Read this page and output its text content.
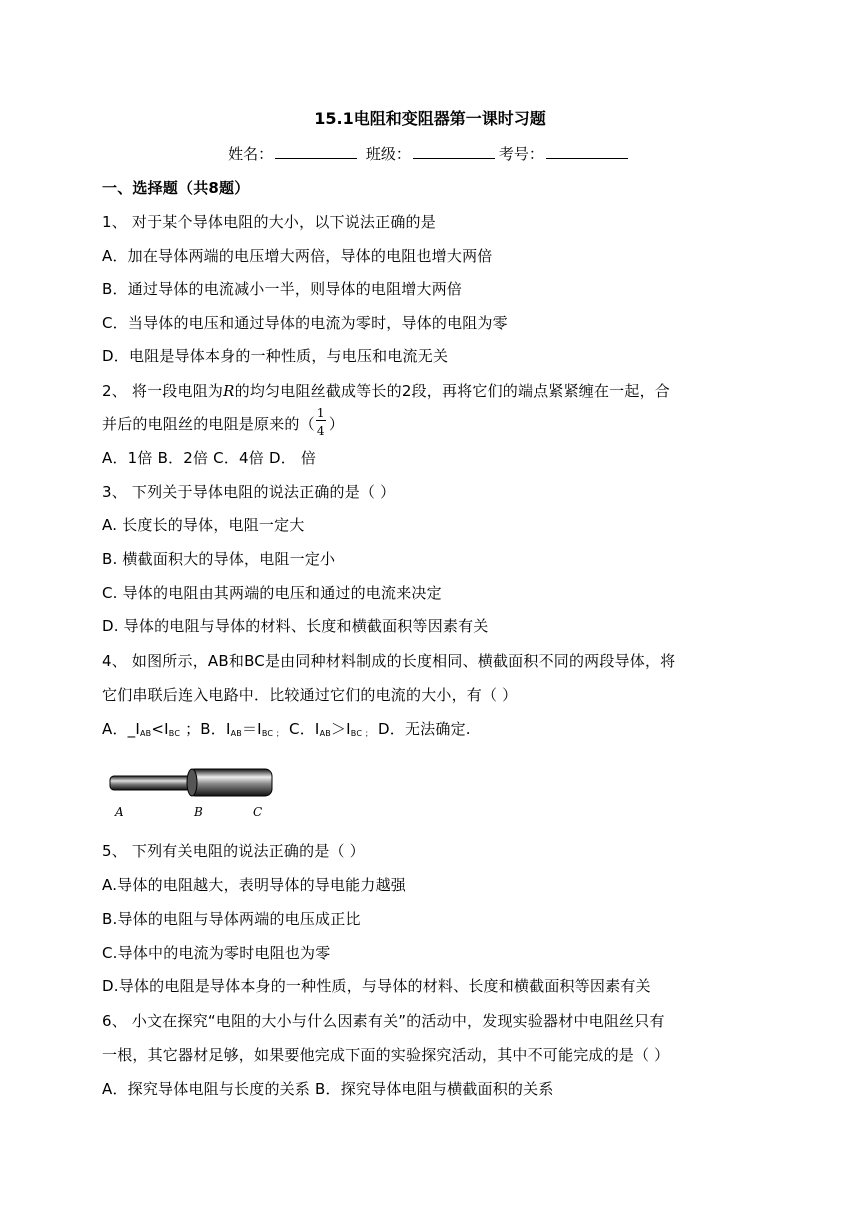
15.1电阻和变阻器第一课时习题
姓名：	班级：	考号：
一、选择题（共8题）
1、 对于某个导体电阻的大小，以下说法正确的是
A．加在导体两端的电压增大两倍，导体的电阻也增大两倍
B．通过导体的电流减小一半，则导体的电阻增大两倍
C．当导体的电压和通过导体的电流为零时，导体的电阻为零
D．电阻是导体本身的一种性质，与电压和电流无关
2、 将一段电阻为R的均匀电阻丝截成等长的2段，再将它们的端点紧紧缠在一起，合
并后的电阻丝的电阻是原来的（ $\frac{1}{4}$ ）
A．1倍 B．2倍 C．4倍 D． 倍
3、 下列关于导体电阻的说法正确的是（ ）
A. 长度长的导体，电阻一定大
B. 横截面积大的导体，电阻一定小
C. 导体的电阻由其两端的电压和通过的电流来决定
D. 导体的电阻与导体的材料、长度和横截面积等因素有关
4、 如图所示，AB和BC是由同种材料制成的长度相同、横截面积不同的两段导体，将
它们串联后连入电路中．比较通过它们的电流的大小，有（ ）
A．$\_I_{AB}<I_{BC}$ ；B．$I_{AB}=I_{BC ;}$ C．$I_{AB}>I_{BC ;}$ D．无法确定.
A	B	C
5、 下列有关电阻的说法正确的是（ ）
A.导体的电阻越大，表明导体的导电能力越强
B.导体的电阻与导体两端的电压成正比
C.导体中的电流为零时电阻也为零
D.导体的电阻是导体本身的一种性质，与导体的材料、长度和横截面积等因素有关
6、 小文在探究“电阻的大小与什么因素有关”的活动中，发现实验器材中电阻丝只有
一根，其它器材足够，如果要他完成下面的实验探究活动，其中不可能完成的是（ ）
A．探究导体电阻与长度的关系 B．探究导体电阻与横截面积的关系
